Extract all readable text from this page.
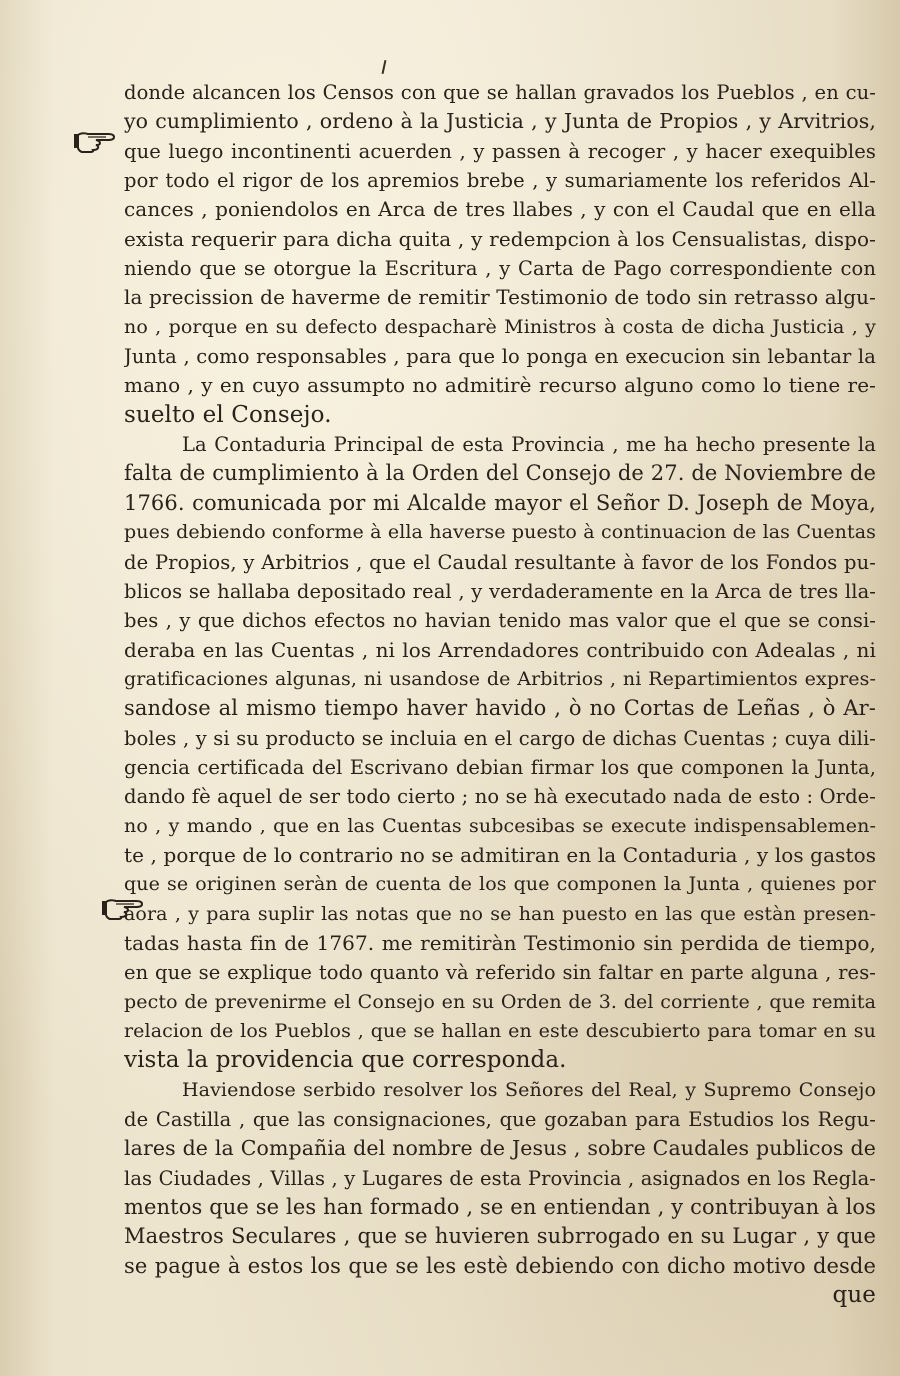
donde alcancen los Censos con que se hallan gravados los Pueblos , en cu-
yo cumplimiento , ordeno à la Justicia , y Junta de Propios , y Arvitrios,
que luego incontinenti acuerden , y passen à recoger , y hacer exequibles
por todo el rigor de los apremios brebe , y sumariamente los referidos Al-
cances , poniendolos en Arca de tres llabes , y con el Caudal que en ella
exista requerir para dicha quita , y redempcion à los Censualistas, dispo-
niendo que se otorgue la Escritura , y Carta de Pago correspondiente con
la precission de haverme de remitir Testimonio de todo sin retrasso algu-
no , porque en su defecto despacharè Ministros à costa de dicha Justicia , y
Junta , como responsables , para que lo ponga en execucion sin lebantar la
mano , y en cuyo assumpto no admitirè recurso alguno como lo tiene re-
suelto el Consejo.
La Contaduria Principal de esta Provincia , me ha hecho presente la
falta de cumplimiento à la Orden del Consejo de 27. de Noviembre de
1766. comunicada por mi Alcalde mayor el Señor D. Joseph de Moya,
pues debiendo conforme à ella haverse puesto à continuacion de las Cuentas
de Propios, y Arbitrios , que el Caudal resultante à favor de los Fondos pu-
blicos se hallaba depositado real , y verdaderamente en la Arca de tres lla-
bes , y que dichos efectos no havian tenido mas valor que el que se consi-
deraba en las Cuentas , ni los Arrendadores contribuido con Adealas , ni
gratificaciones algunas, ni usandose de Arbitrios , ni Repartimientos expres-
sandose al mismo tiempo haver havido , ò no Cortas de Leñas , ò Ar-
boles , y si su producto se incluia en el cargo de dichas Cuentas ; cuya dili-
gencia certificada del Escrivano debian firmar los que componen la Junta,
dando fè aquel de ser todo cierto ; no se hà executado nada de esto : Orde-
no , y mando , que en las Cuentas subcesibas se execute indispensablemen-
te , porque de lo contrario no se admitiran en la Contaduria , y los gastos
que se originen seràn de cuenta de los que componen la Junta , quienes por
aora , y para suplir las notas que no se han puesto en las que estàn presen-
tadas hasta fin de 1767. me remitiràn Testimonio sin perdida de tiempo,
en que se explique todo quanto và referido sin faltar en parte alguna , res-
pecto de prevenirme el Consejo en su Orden de 3. del corriente , que remita
relacion de los Pueblos , que se hallan en este descubierto para tomar en su
vista la providencia que corresponda.
Haviendose serbido resolver los Señores del Real, y Supremo Consejo
de Castilla , que las consignaciones, que gozaban para Estudios los Regu-
lares de la Compañia del nombre de Jesus , sobre Caudales publicos de
las Ciudades , Villas , y Lugares de esta Provincia , asignados en los Regla-
mentos que se les han formado , se en entiendan , y contribuyan à los
Maestros Seculares , que se huvieren subrrogado en su Lugar , y que
se pague à estos los que se les estè debiendo con dicho motivo desde
que
